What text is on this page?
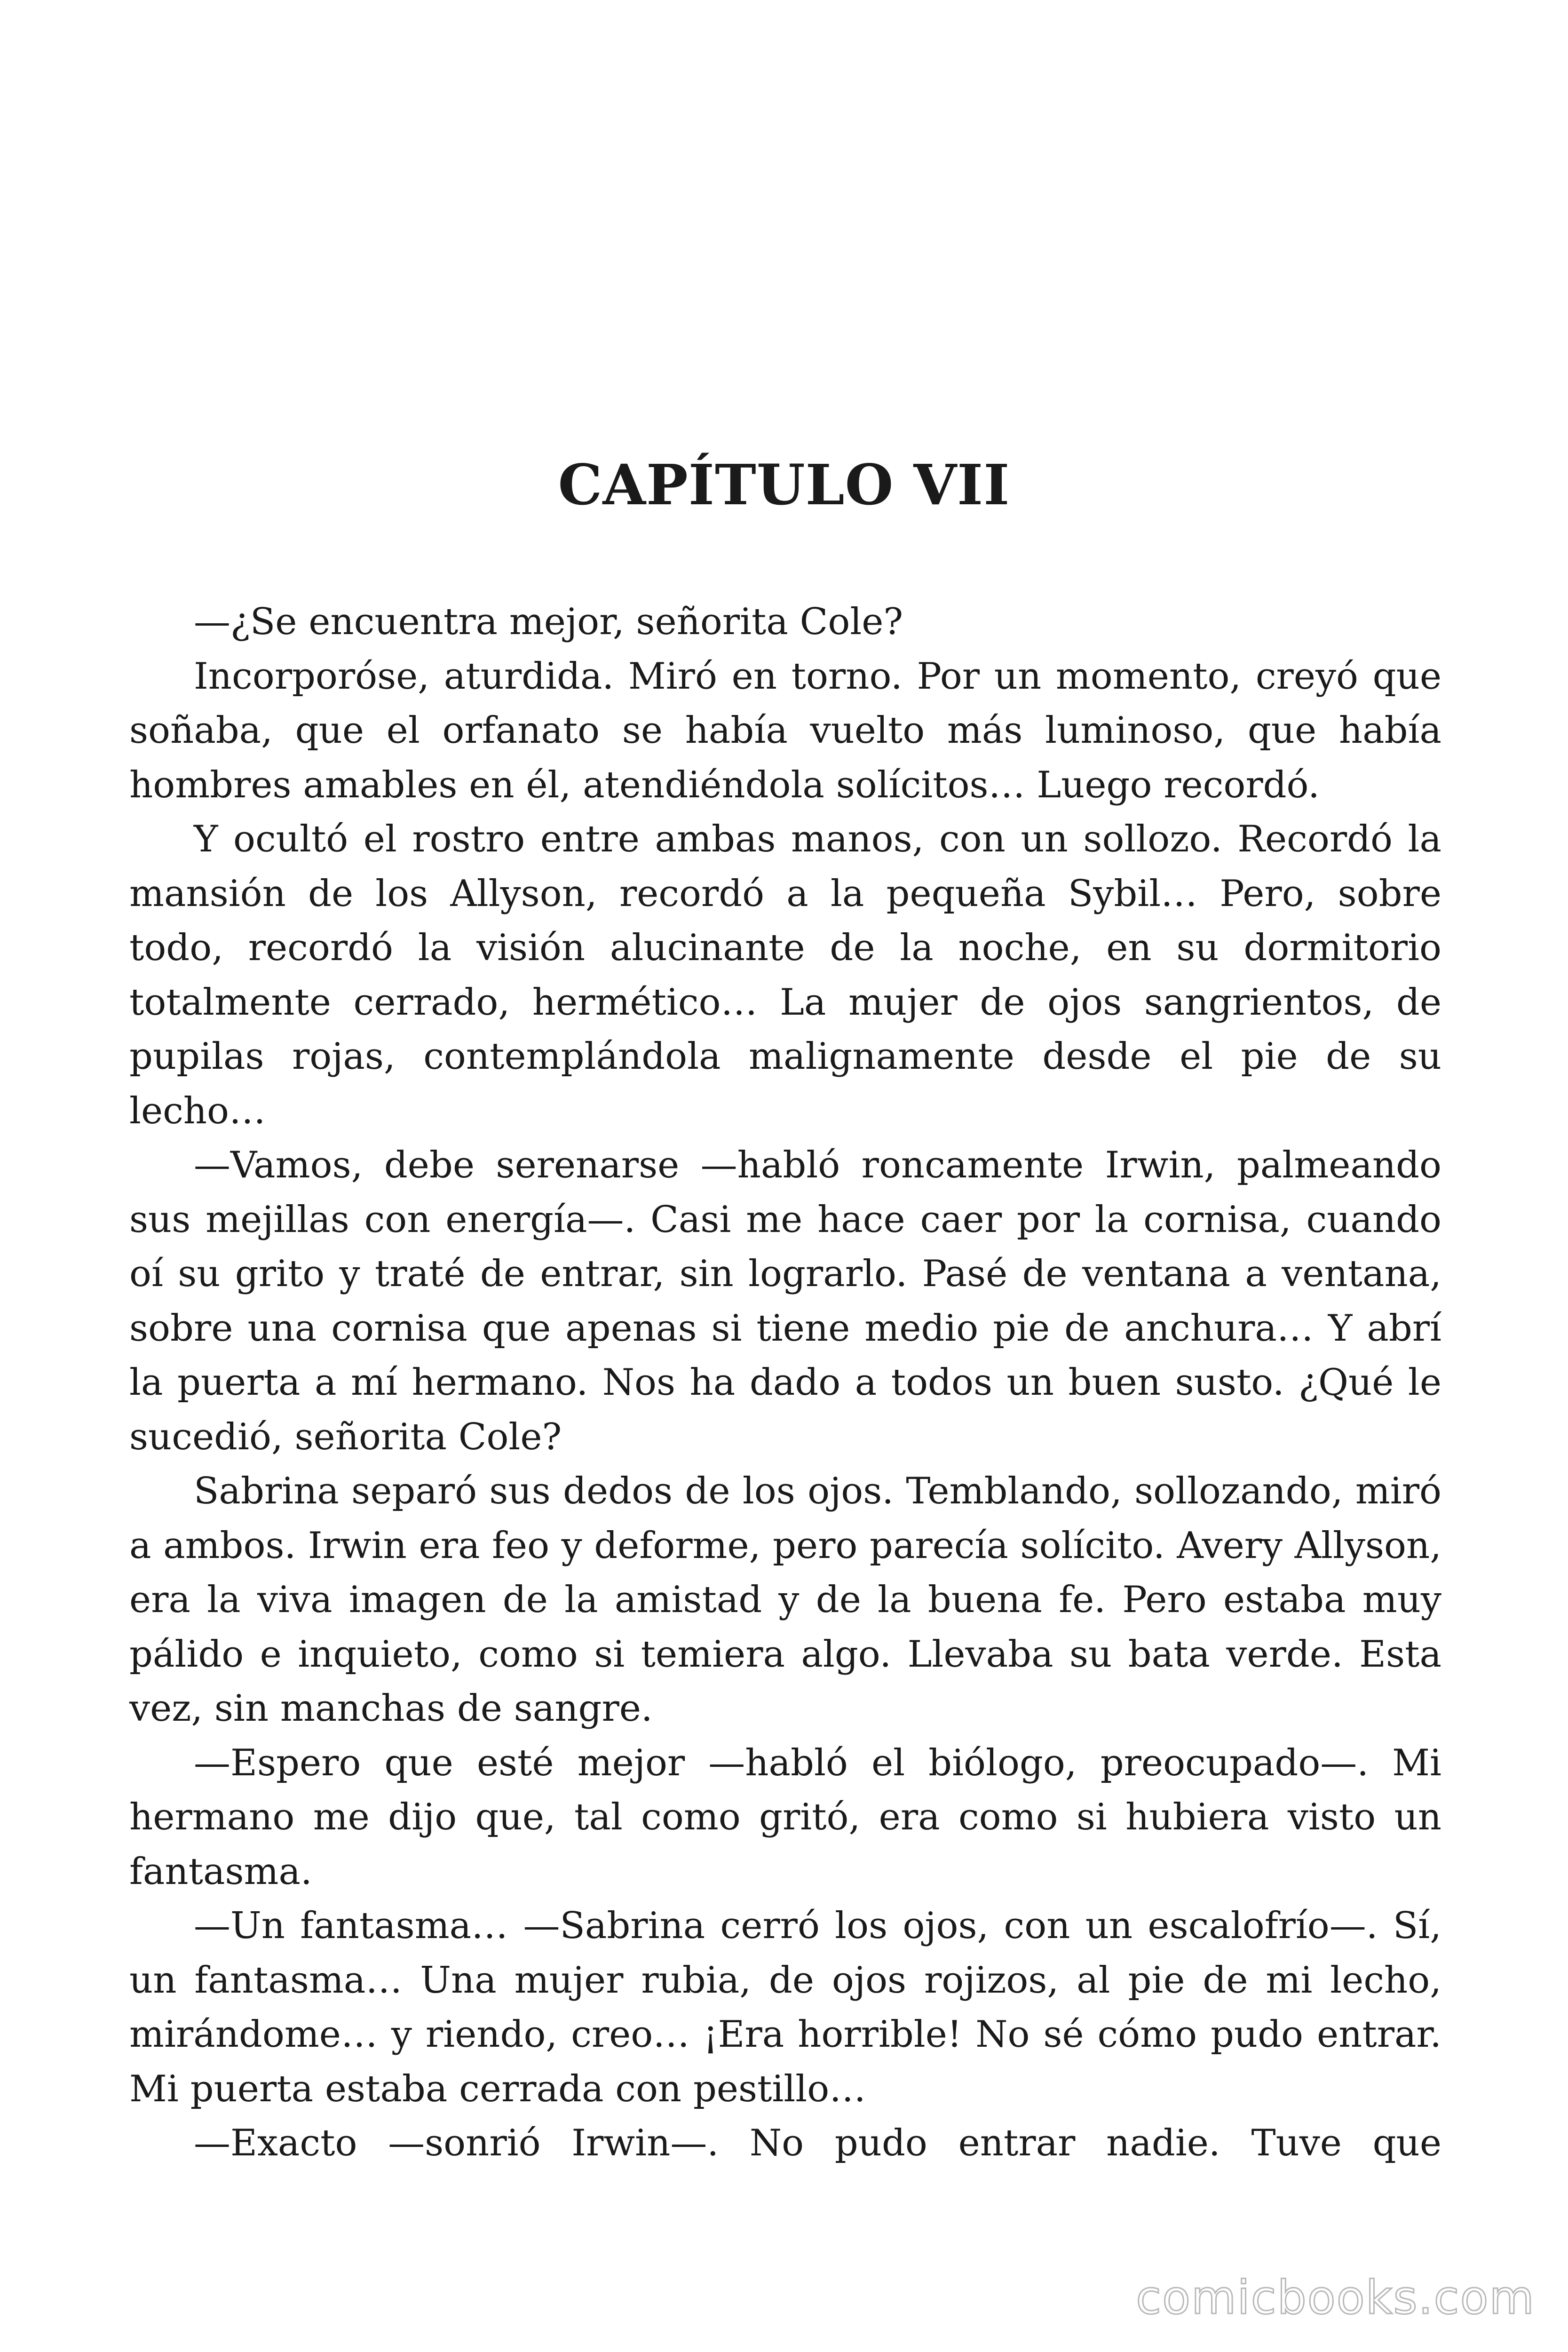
CAPÍTULO VII

—¿Se encuentra mejor, señorita Cole?

Incorporóse, aturdida. Miró en torno. Por un momento, creyó que soñaba, que el orfanato se había vuelto más luminoso, que había hombres amables en él, atendiéndola solícitos… Luego recordó.

Y ocultó el rostro entre ambas manos, con un sollozo. Recordó la mansión de los Allyson, recordó a la pequeña Sybil… Pero, sobre todo, recordó la visión alucinante de la noche, en su dormitorio totalmente cerrado, hermético… La mujer de ojos sangrientos, de pupilas rojas, contemplándola malignamente desde el pie de su lecho…

—Vamos, debe serenarse —habló roncamente Irwin, palmeando sus mejillas con energía—. Casi me hace caer por la cornisa, cuando oí su grito y traté de entrar, sin lograrlo. Pasé de ventana a ventana, sobre una cornisa que apenas si tiene medio pie de anchura… Y abrí la puerta a mí hermano. Nos ha dado a todos un buen susto. ¿Qué le sucedió, señorita Cole?

Sabrina separó sus dedos de los ojos. Temblando, sollozando, miró a ambos. Irwin era feo y deforme, pero parecía solícito. Avery Allyson, era la viva imagen de la amistad y de la buena fe. Pero estaba muy pálido e inquieto, como si temiera algo. Llevaba su bata verde. Esta vez, sin manchas de sangre.

—Espero que esté mejor —habló el biólogo, preocupado—. Mi hermano me dijo que, tal como gritó, era como si hubiera visto un fantasma.

—Un fantasma… —Sabrina cerró los ojos, con un escalofrío—. Sí, un fantasma… Una mujer rubia, de ojos rojizos, al pie de mi lecho, mirándome… y riendo, creo… ¡Era horrible! No sé cómo pudo entrar. Mi puerta estaba cerrada con pestillo…

—Exacto —sonrió Irwin—. No pudo entrar nadie. Tuve que

comicbooks.com
